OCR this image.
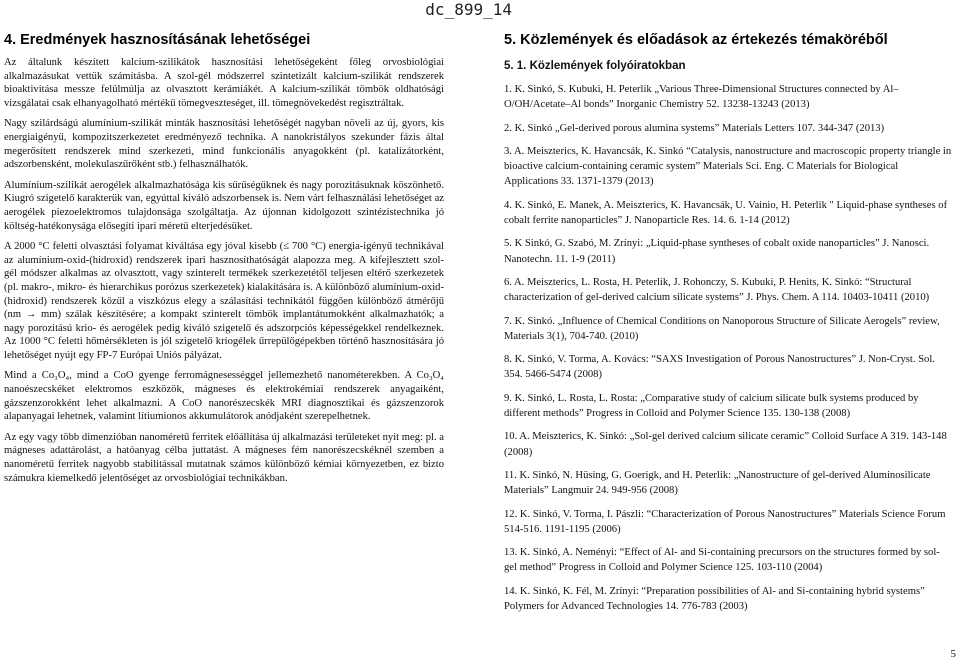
dc_899_14
4. Eredmények hasznosításának lehetőségei

Az általunk készített kalcium-szilikátok hasznosítási lehetőségeként főleg orvosbiológiai alkalmazásukat vettük számításba. A szol-gél módszerrel szintetizált kalcium-szilikát rendszerek bioaktivitása messze felülmúlja az olvasztott kerámiákét. A kalcium-szilikát tömbök oldhatósági vizsgálatai csak elhanyagolható mértékű tömegveszteséget, ill. tömegnövekedést regisztráltak.

Nagy szilárdságú alumínium-szilikát minták hasznosítási lehetőségét nagyban növeli az új, gyors, kis energiaigényű, kompozitszerkezetet eredményező technika. A nanokristályos szekunder fázis által megerősített rendszerek mind szerkezeti, mind funkcionális anyagokként (pl. katalizátorként, adszorbensként, molekulaszűrőként stb.) felhasználhatók.

Alumínium-szilikát aerogélek alkalmazhatósága kis sűrűségüknek és nagy porozitásuknak köszönhető. Kiugró szigetelő karakterük van, egyúttal kiváló adszorbensek is. Nem várt felhasználási lehetőséget az aerogélek piezoelektromos tulajdonsága szolgáltatja. Az újonnan kidolgozott szintézistechnika jó költség-hatékonysága elősegíti ipari méretű elterjedésüket.

A 2000 °C feletti olvasztási folyamat kiváltása egy jóval kisebb (≤ 700 °C) energia-igényű technikával az alumínium-oxid-(hidroxid) rendszerek ipari hasznosíthatóságát alapozza meg. A kifejlesztett szol-gél módszer alkalmas az olvasztott, vagy szinterelt termékek szerkezetétől teljesen eltérő szerkezetek (pl. makro-, mikro- és hierarchikus porózus szerkezetek) kialakítására is. A különböző alumínium-oxid-(hidroxid) rendszerek közül a viszkózus elegy a szálasítási technikától függően különböző átmérőjű (nm → mm) szálak készítésére; a kompakt szinterelt tömbök implantátumokként alkalmazhatók; a nagy porozitású krio- és aerogélek pedig kiváló szigetelő és adszorpciós képességekkel rendelkeznek. Az 1000 °C feletti hőmérsékleten is jól szigetelő kriogélek űrrepülőgépekben történő hasznosítására jó lehetőséget nyújt egy FP-7 Európai Uniós pályázat.

Mind a Co₃O₄, mind a CoO gyenge ferromágnesességgel jellemezhető nanométerekben. A Co₃O₄ nanoészecskéket elektromos eszközök, mágneses és elektrokémiai rendszerek anyagaiként, gázszenzorokként lehet alkalmazni. A CoO nanorészecskék MRI diagnosztikai és gázszenzorok alapanyagai lehetnek, valamint lítiumionos akkumulátorok anódjaként szerepelhetnek.

Az egy vagy több dimenzióban nanoméretű ferritek előállítása új alkalmazási területeket nyit meg: pl. a mágneses adattárolást, a hatóanyag célba juttatást. A mágneses fém nanorészecskéknél szemben a nanoméretű ferritek nagyobb stabilitással mutatnak számos különböző kémiai környezetben, ez bizto számukra kiemelkedő jelentőséget az orvosbiológiai technikákban.

5. Közlemények és előadások az értekezés témaköréből
5. 1. Közlemények folyóiratokban

1. K. Sinkó, S. Kubuki, H. Peterlik „Various Three-Dimensional Structures connected by Al–O/OH/Acetate–Al bonds” Inorganic Chemistry 52. 13238-13243 (2013)

2. K. Sinkó „Gel-derived porous alumina systems” Materials Letters 107. 344-347 (2013)

3. A. Meiszterics, K. Havancsák, K. Sinkó “Catalysis, nanostructure and macroscopic property triangle in bioactive calcium-containing ceramic system” Materials Sci. Eng. C Materials for Biological Applications 33. 1371-1379 (2013)

4. K. Sinkó, E. Manek, A. Meiszterics, K. Havancsák, U. Vainio, H. Peterlik " Liquid-phase syntheses of cobalt ferrite nanoparticles” J. Nanoparticle Res. 14. 6. 1-14 (2012)

5. K Sinkó, G. Szabó, M. Zrínyi: „Liquid-phase syntheses of cobalt oxide nanoparticles” J. Nanosci. Nanotechn. 11. 1-9 (2011)

6. A. Meiszterics, L. Rosta, H. Peterlik, J. Rohonczy, S. Kubuki, P. Henits, K. Sinkó: “Structural characterization of gel-derived calcium silicate systems” J. Phys. Chem. A 114. 10403-10411 (2010)

7. K. Sinkó. „Influence of Chemical Conditions on Nanoporous Structure of Silicate Aerogels” review, Materials 3(1), 704-740. (2010)

8. K. Sinkó, V. Torma, A. Kovács: “SAXS Investigation of Porous Nanostructures” J. Non-Cryst. Sol. 354. 5466-5474 (2008)

9. K. Sinkó, L. Rosta, L. Rosta: „Comparative study of calcium silicate bulk systems produced by different methods” Progress in Colloid and Polymer Science 135. 130-138 (2008)

10. A. Meiszterics, K. Sinkó: „Sol-gel derived calcium silicate ceramic” Colloid Surface A 319. 143-148 (2008)

11. K. Sinkó, N. Hüsing, G. Goerigk, and H. Peterlik: „Nanostructure of gel-derived Aluminosilicate Materials” Langmuir 24. 949-956 (2008)

12. K. Sinkó, V. Torma, I. Pászli: “Characterization of Porous Nanostructures” Materials Science Forum 514-516. 1191-1195 (2006)

13. K. Sinkó, A. Neményi: “Effect of Al- and Si-containing precursors on the structures formed by sol-gel method” Progress in Colloid and Polymer Science 125. 103-110 (2004)

14. K. Sinkó, K. Fél, M. Zrínyi: “Preparation possibilities of Al- and Si-containing hybrid systems” Polymers for Advanced Technologies 14. 776-783 (2003)

5
